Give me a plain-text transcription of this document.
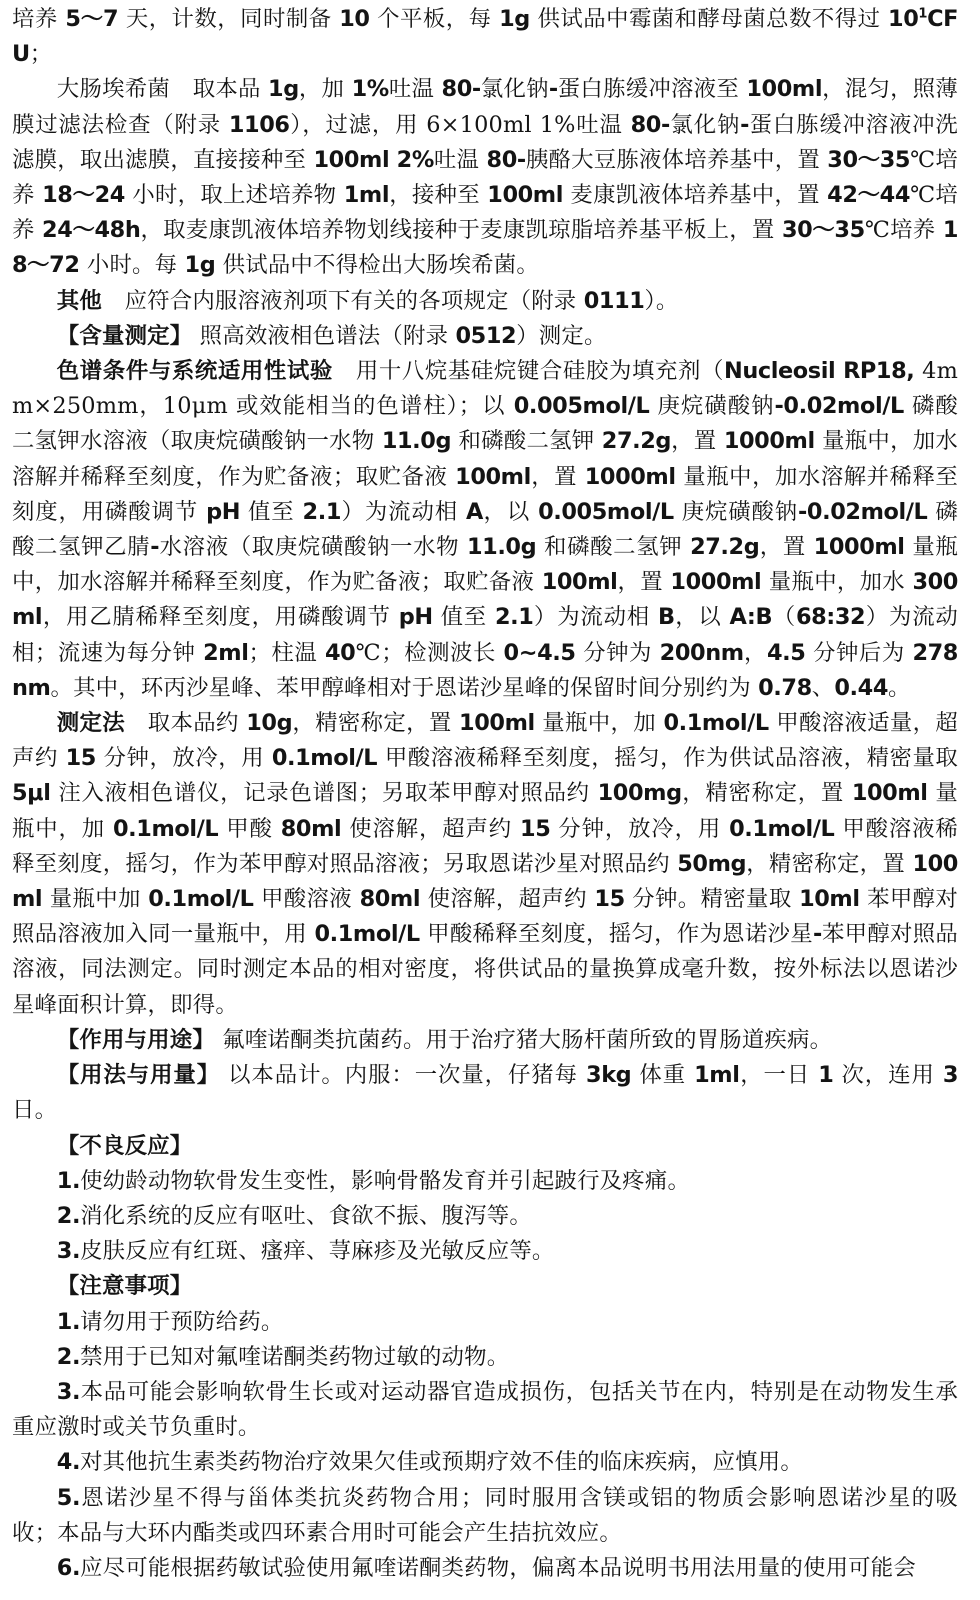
培养 5～7 天，计数，同时制备 10 个平板，每 1g 供试品中霉菌和酵母菌总数不得过 $10^1CFU$；

大肠埃希菌　取本品 1g，加 1%吐温 80-氯化钠-蛋白胨缓冲溶液至 100ml，混匀，照薄膜过滤法检查（附录 1106），过滤，用 6×100ml 1%吐温 80-氯化钠-蛋白胨缓冲溶液冲洗滤膜，取出滤膜，直接接种至 100ml 2%吐温 80-胰酪大豆胨液体培养基中，置 30～35℃培养 18～24 小时，取上述培养物 1ml，接种至 100ml 麦康凯液体培养基中，置 42～44℃培养 24～48h，取麦康凯液体培养物划线接种于麦康凯琼脂培养基平板上，置 30～35℃培养 18～72 小时。每 1g 供试品中不得检出大肠埃希菌。

其他　应符合内服溶液剂项下有关的各项规定（附录 0111）。

【含量测定】 照高效液相色谱法（附录 0512）测定。

色谱条件与系统适用性试验　用十八烷基硅烷键合硅胶为填充剂（Nucleosil RP18, 4mm×250mm，10μm 或效能相当的色谱柱）；以 0.005mol/L 庚烷磺酸钠-0.02mol/L 磷酸二氢钾水溶液（取庚烷磺酸钠一水物 11.0g 和磷酸二氢钾 27.2g，置 1000ml 量瓶中，加水溶解并稀释至刻度，作为贮备液；取贮备液 100ml，置 1000ml 量瓶中，加水溶解并稀释至刻度，用磷酸调节 pH 值至 2.1）为流动相 A，以 0.005mol/L 庚烷磺酸钠-0.02mol/L 磷酸二氢钾乙腈-水溶液（取庚烷磺酸钠一水物 11.0g 和磷酸二氢钾 27.2g，置 1000ml 量瓶中，加水溶解并稀释至刻度，作为贮备液；取贮备液 100ml，置 1000ml 量瓶中，加水 300 ml，用乙腈稀释至刻度，用磷酸调节 pH 值至 2.1）为流动相 B，以 A:B（68:32）为流动相；流速为每分钟 2ml；柱温 40℃；检测波长 0~4.5 分钟为 200nm，4.5 分钟后为 278nm。其中，环丙沙星峰、苯甲醇峰相对于恩诺沙星峰的保留时间分别约为 0.78、0.44。

测定法　取本品约 10g，精密称定，置 100ml 量瓶中，加 0.1mol/L 甲酸溶液适量，超声约 15 分钟，放冷，用 0.1mol/L 甲酸溶液稀释至刻度，摇匀，作为供试品溶液，精密量取 5μl 注入液相色谱仪，记录色谱图；另取苯甲醇对照品约 100mg，精密称定，置 100ml 量瓶中，加 0.1mol/L 甲酸 80ml 使溶解，超声约 15 分钟，放冷，用 0.1mol/L 甲酸溶液稀释至刻度，摇匀，作为苯甲醇对照品溶液；另取恩诺沙星对照品约 50mg，精密称定，置 100ml 量瓶中加 0.1mol/L 甲酸溶液 80ml 使溶解，超声约 15 分钟。精密量取 10ml 苯甲醇对照品溶液加入同一量瓶中，用 0.1mol/L 甲酸稀释至刻度，摇匀，作为恩诺沙星-苯甲醇对照品溶液，同法测定。同时测定本品的相对密度，将供试品的量换算成毫升数，按外标法以恩诺沙星峰面积计算，即得。

【作用与用途】 氟喹诺酮类抗菌药。用于治疗猪大肠杆菌所致的胃肠道疾病。

【用法与用量】 以本品计。内服：一次量，仔猪每 3kg 体重 1ml，一日 1 次，连用 3 日。

【不良反应】

1.使幼龄动物软骨发生变性，影响骨骼发育并引起跛行及疼痛。

2.消化系统的反应有呕吐、食欲不振、腹泻等。

3.皮肤反应有红斑、瘙痒、荨麻疹及光敏反应等。

【注意事项】

1.请勿用于预防给药。

2.禁用于已知对氟喹诺酮类药物过敏的动物。

3.本品可能会影响软骨生长或对运动器官造成损伤，包括关节在内，特别是在动物发生承重应激时或关节负重时。

4.对其他抗生素类药物治疗效果欠佳或预期疗效不佳的临床疾病，应慎用。

5.恩诺沙星不得与甾体类抗炎药物合用；同时服用含镁或铝的物质会影响恩诺沙星的吸收；本品与大环内酯类或四环素合用时可能会产生拮抗效应。

6.应尽可能根据药敏试验使用氟喹诺酮类药物，偏离本品说明书用法用量的使用可能会
